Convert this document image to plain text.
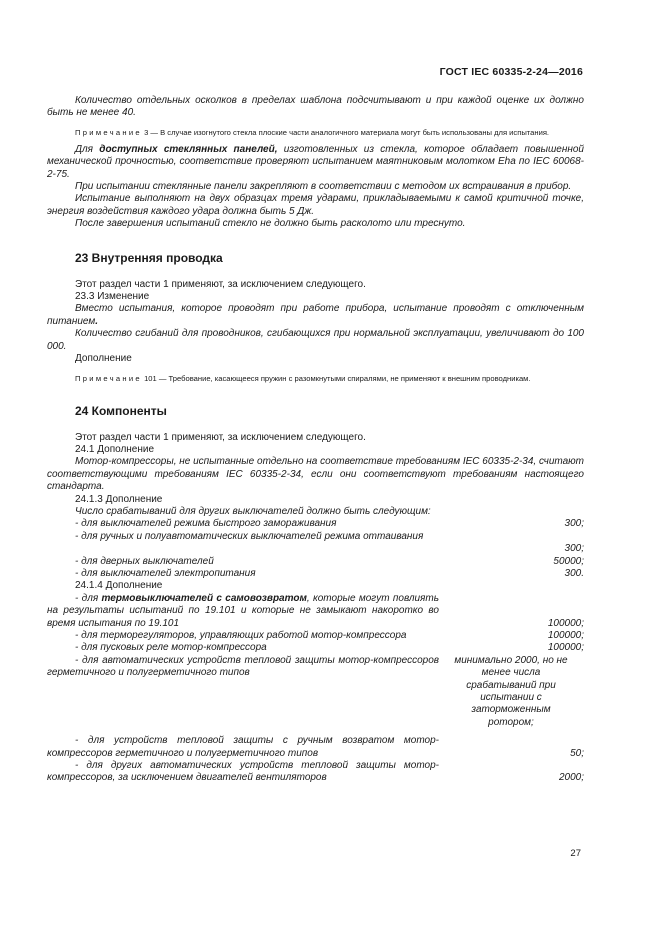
ГОСТ IEC 60335-2-24—2016

Количество отдельных осколков в пределах шаблона подсчитывают и при каждой оценке их должно быть не менее 40.

Примечание 3 — В случае изогнутого стекла плоские части аналогичного материала могут быть использованы для испытания.

Для доступных стеклянных панелей, изготовленных из стекла, которое обладает повышенной механической прочностью, соответствие проверяют испытанием маятниковым молотком Eha по IEC 60068-2-75.

При испытании стеклянные панели закрепляют в соответствии с методом их встраивания в прибор.

Испытание выполняют на двух образцах тремя ударами, прикладываемыми к самой критичной точке, энергия воздействия каждого удара должна быть 5 Дж.

После завершения испытаний стекло не должно быть расколото или треснуто.

23 Внутренняя проводка

Этот раздел части 1 применяют, за исключением следующего.

23.3 Изменение

Вместо испытания, которое проводят при работе прибора, испытание проводят с отключенным питанием.

Количество сгибаний для проводников, сгибающихся при нормальной эксплуатации, увеличивают до 100 000.

Дополнение

Примечание 101 — Требование, касающееся пружин с разомкнутыми спиралями, не применяют к внешним проводникам.

24 Компоненты

Этот раздел части 1 применяют, за исключением следующего.

24.1 Дополнение

Мотор-компрессоры, не испытанные отдельно на соответствие требованиям IEC 60335-2-34, считают соответствующими требованиям IEC 60335-2-34, если они соответствуют требованиям настоящего стандарта.

24.1.3 Дополнение

Число срабатываний для других выключателей должно быть следующим:
- для выключателей режима быстрого замораживания	300;
- для ручных и полуавтоматических выключателей режима оттаивания
300;
- для дверных выключателей	50000;
- для выключателей электропитания	300.

24.1.4 Дополнение

- для термовыключателей с самовозвратом, которые могут повлиять на результаты испытаний по 19.101 и которые не замыкают накоротко во время испытания по 19.101	100000;
- для терморегуляторов, управляющих работой мотор-компрессора	100000;
- для пусковых реле мотор-компрессора	100000;
- для автоматических устройств тепловой защиты мотор-компрессоров герметичного и полугерметичного типов
минимально 2000, но не менее числа срабатываний при испытании с заторможенным ротором;
- для устройств тепловой защиты с ручным возвратом мотор-компрессоров герметичного и полугерметичного типов	50;
- для других автоматических устройств тепловой защиты мотор-компрессоров, за исключением двигателей вентиляторов	2000;
27
